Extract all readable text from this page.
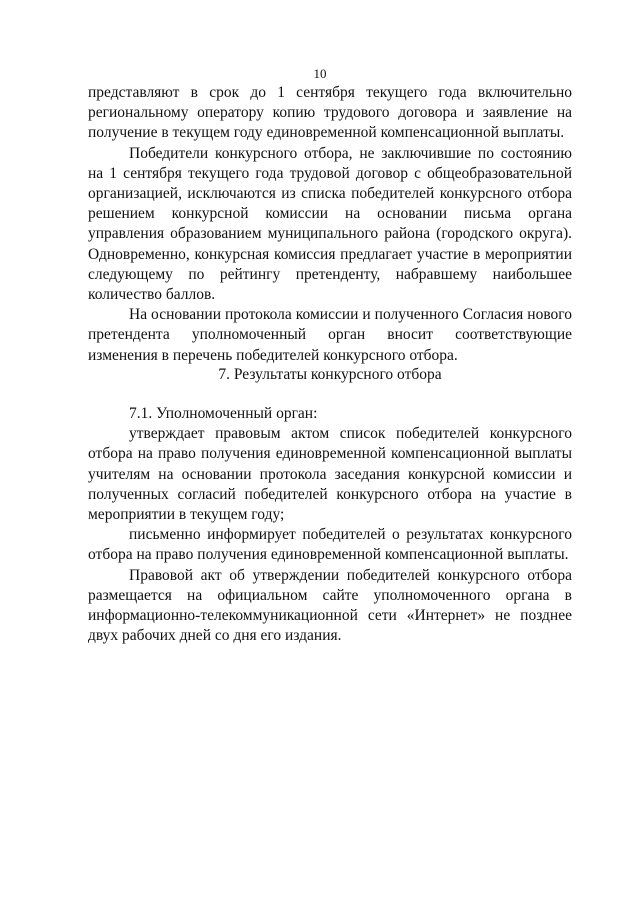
10

представляют в срок до 1 сентября текущего года включительно региональному оператору копию трудового договора и заявление на получение в текущем году единовременной компенсационной выплаты.

Победители конкурсного отбора, не заключившие по состоянию на 1 сентября текущего года трудовой договор с общеобразовательной организацией, исключаются из списка победителей конкурсного отбора решением конкурсной комиссии на основании письма органа управления образованием муниципального района (городского округа). Одновременно, конкурсная комиссия предлагает участие в мероприятии следующему по рейтингу претенденту, набравшему наибольшее количество баллов.

На основании протокола комиссии и полученного Согласия нового претендента уполномоченный орган вносит соответствующие изменения в перечень победителей конкурсного отбора.

7. Результаты конкурсного отбора

7.1. Уполномоченный орган:

утверждает правовым актом список победителей конкурсного отбора на право получения единовременной компенсационной выплаты учителям на основании протокола заседания конкурсной комиссии и полученных согласий победителей конкурсного отбора на участие в мероприятии в текущем году;

письменно информирует победителей о результатах конкурсного отбора на право получения единовременной компенсационной выплаты.

Правовой акт об утверждении победителей конкурсного отбора размещается на официальном сайте уполномоченного органа в информационно-телекоммуникационной сети «Интернет» не позднее двух рабочих дней со дня его издания.
